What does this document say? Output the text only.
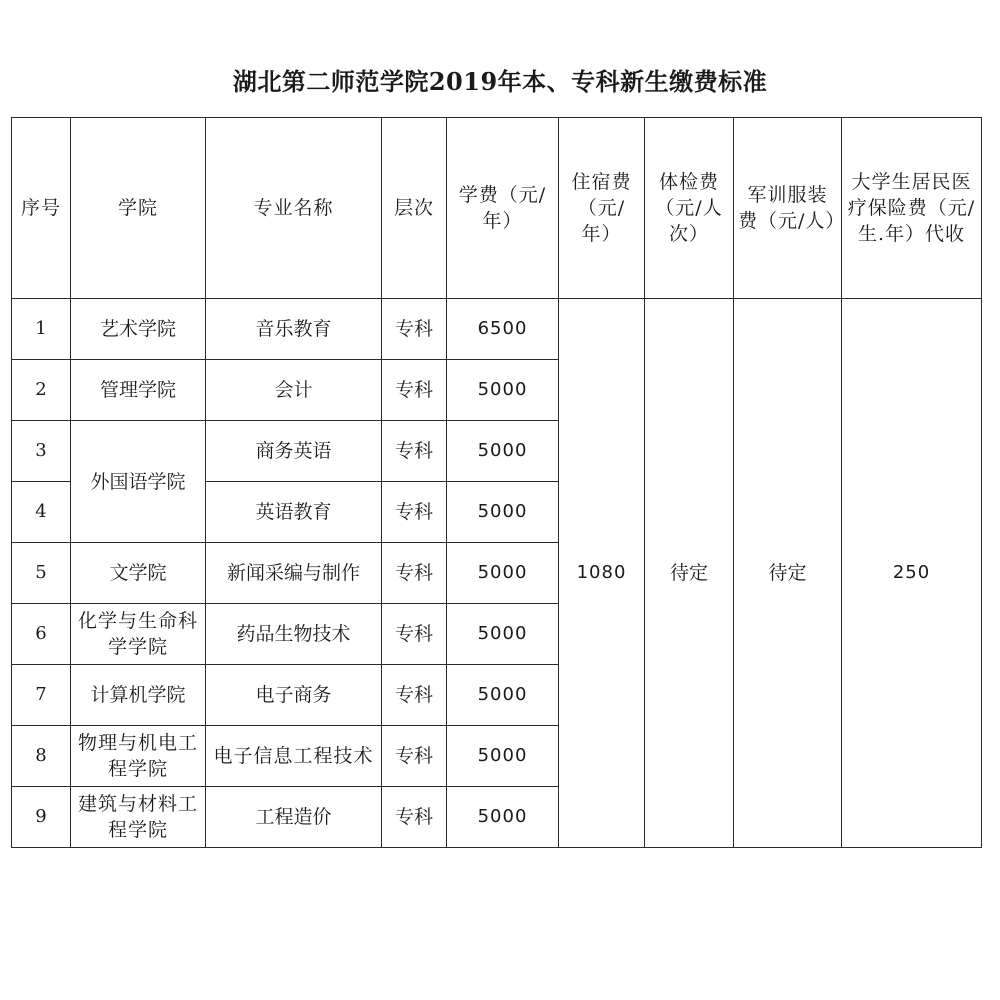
湖北第二师范学院2019年本、专科新生缴费标准
序号	学院	专业名称	层次	学费（元/年）	住宿费（元/年）	体检费（元/人次）	军训服装费（元/人）	大学生居民医疗保险费（元/生.年）代收
1	艺术学院	音乐教育	专科	6500	1080	待定	待定	250
2	管理学院	会计	专科	5000				
3	外国语学院	商务英语	专科	5000				
4		英语教育	专科	5000				
5	文学院	新闻采编与制作	专科	5000				
6	化学与生命科学学院	药品生物技术	专科	5000				
7	计算机学院	电子商务	专科	5000				
8	物理与机电工程学院	电子信息工程技术	专科	5000				
9	建筑与材料工程学院	工程造价	专科	5000				
